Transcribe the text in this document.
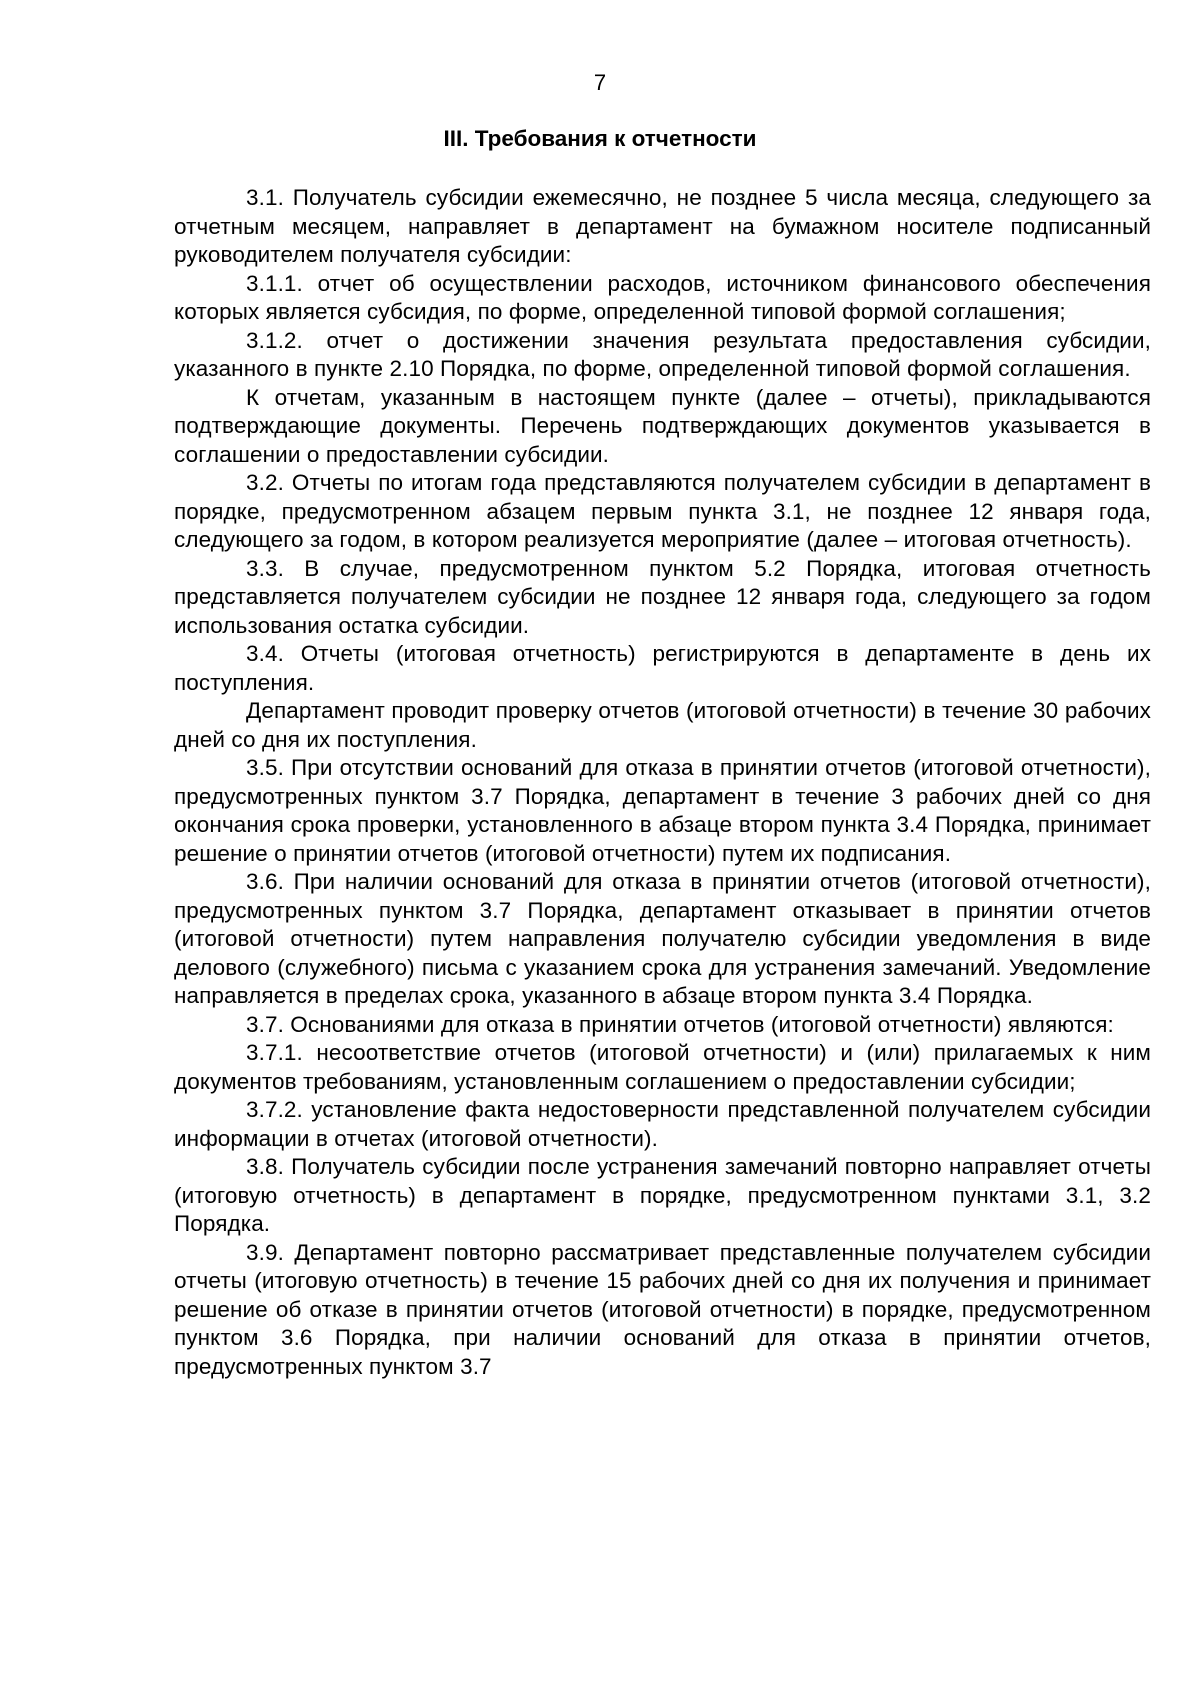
7
III. Требования к отчетности

3.1. Получатель субсидии ежемесячно, не позднее 5 числа месяца, следующего за отчетным месяцем, направляет в департамент на бумажном носителе подписанный руководителем получателя субсидии:

3.1.1. отчет об осуществлении расходов, источником финансового обеспечения которых является субсидия, по форме, определенной типовой формой соглашения;

3.1.2. отчет о достижении значения результата предоставления субсидии, указанного в пункте 2.10 Порядка, по форме, определенной типовой формой соглашения.

К отчетам, указанным в настоящем пункте (далее – отчеты), прикладываются подтверждающие документы. Перечень подтверждающих документов указывается в соглашении о предоставлении субсидии.

3.2. Отчеты по итогам года представляются получателем субсидии в департамент в порядке, предусмотренном абзацем первым пункта 3.1, не позднее 12 января года, следующего за годом, в котором реализуется мероприятие (далее – итоговая отчетность).

3.3. В случае, предусмотренном пунктом 5.2 Порядка, итоговая отчетность представляется получателем субсидии не позднее 12 января года, следующего за годом использования остатка субсидии.

3.4. Отчеты (итоговая отчетность) регистрируются в департаменте в день их поступления.

Департамент проводит проверку отчетов (итоговой отчетности) в течение 30 рабочих дней со дня их поступления.

3.5. При отсутствии оснований для отказа в принятии отчетов (итоговой отчетности), предусмотренных пунктом 3.7 Порядка, департамент в течение 3 рабочих дней со дня окончания срока проверки, установленного в абзаце втором пункта 3.4 Порядка, принимает решение о принятии отчетов (итоговой отчетности) путем их подписания.

3.6. При наличии оснований для отказа в принятии отчетов (итоговой отчетности), предусмотренных пунктом 3.7 Порядка, департамент отказывает в принятии отчетов (итоговой отчетности) путем направления получателю субсидии уведомления в виде делового (служебного) письма с указанием срока для устранения замечаний. Уведомление направляется в пределах срока, указанного в абзаце втором пункта 3.4 Порядка.

3.7. Основаниями для отказа в принятии отчетов (итоговой отчетности) являются:

3.7.1. несоответствие отчетов (итоговой отчетности) и (или) прилагаемых к ним документов требованиям, установленным соглашением о предоставлении субсидии;

3.7.2. установление факта недостоверности представленной получателем субсидии информации в отчетах (итоговой отчетности).

3.8. Получатель субсидии после устранения замечаний повторно направляет отчеты (итоговую отчетность) в департамент в порядке, предусмотренном пунктами 3.1, 3.2 Порядка.

3.9. Департамент повторно рассматривает представленные получателем субсидии отчеты (итоговую отчетность) в течение 15 рабочих дней со дня их получения и принимает решение об отказе в принятии отчетов (итоговой отчетности) в порядке, предусмотренном пунктом 3.6 Порядка, при наличии оснований для отказа в принятии отчетов, предусмотренных пунктом 3.7
